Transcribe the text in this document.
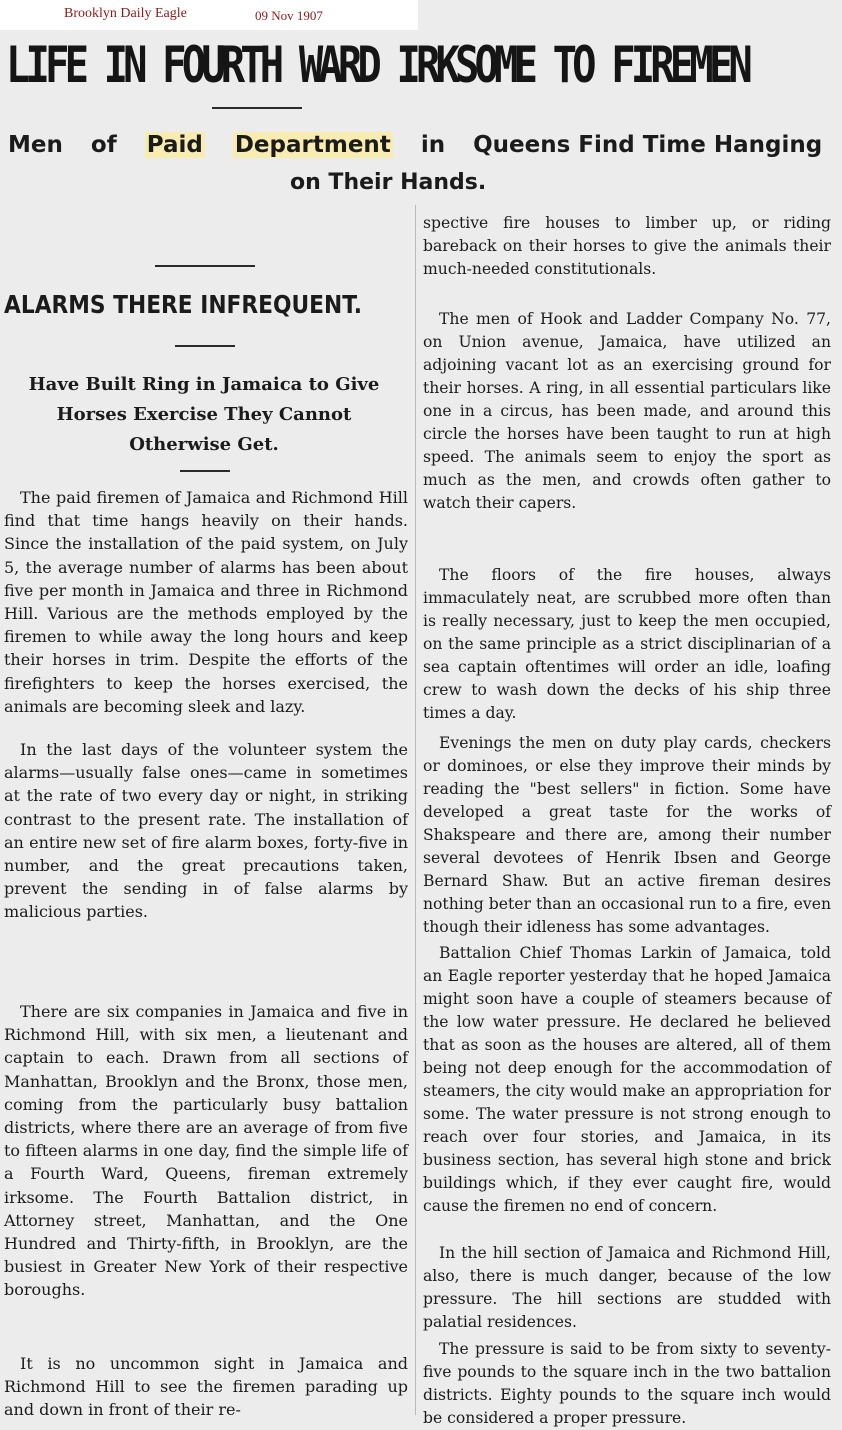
Brooklyn Daily Eagle	09 Nov 1907
LIFE IN FOURTH WARD IRKSOME TO FIREMEN
Men of Paid Department in Queens Find Time Hanging
on Their Hands.
ALARMS THERE INFREQUENT.
Have Built Ring in Jamaica to Give
Horses Exercise They Cannot
Otherwise Get.

The paid firemen of Jamaica and Richmond Hill find that time hangs heavily on their hands. Since the installation of the paid system, on July 5, the average number of alarms has been about five per month in Jamaica and three in Richmond Hill. Various are the methods employed by the firemen to while away the long hours and keep their horses in trim. Despite the efforts of the firefighters to keep the horses exercised, the animals are becoming sleek and lazy.

In the last days of the volunteer system the alarms—usually false ones—came in sometimes at the rate of two every day or night, in striking contrast to the present rate. The installation of an entire new set of fire alarm boxes, forty-five in number, and the great precautions taken, prevent the sending in of false alarms by malicious parties.

There are six companies in Jamaica and five in Richmond Hill, with six men, a lieutenant and captain to each. Drawn from all sections of Manhattan, Brooklyn and the Bronx, those men, coming from the particularly busy battalion districts, where there are an average of from five to fifteen alarms in one day, find the simple life of a Fourth Ward, Queens, fireman extremely irksome. The Fourth Battalion district, in Attorney street, Manhattan, and the One Hundred and Thirty-fifth, in Brooklyn, are the busiest in Greater New York of their respective boroughs.

It is no uncommon sight in Jamaica and Richmond Hill to see the firemen parading up and down in front of their re-

spective fire houses to limber up, or riding bareback on their horses to give the animals their much-needed constitutionals.

The men of Hook and Ladder Company No. 77, on Union avenue, Jamaica, have utilized an adjoining vacant lot as an exercising ground for their horses. A ring, in all essential particulars like one in a circus, has been made, and around this circle the horses have been taught to run at high speed. The animals seem to enjoy the sport as much as the men, and crowds often gather to watch their capers.

The floors of the fire houses, always immaculately neat, are scrubbed more often than is really necessary, just to keep the men occupied, on the same principle as a strict disciplinarian of a sea captain oftentimes will order an idle, loafing crew to wash down the decks of his ship three times a day.

Evenings the men on duty play cards, checkers or dominoes, or else they improve their minds by reading the "best sellers" in fiction. Some have developed a great taste for the works of Shakspeare and there are, among their number several devotees of Henrik Ibsen and George Bernard Shaw. But an active fireman desires nothing beter than an occasional run to a fire, even though their idleness has some advantages.

Battalion Chief Thomas Larkin of Jamaica, told an Eagle reporter yesterday that he hoped Jamaica might soon have a couple of steamers because of the low water pressure. He declared he believed that as soon as the houses are altered, all of them being not deep enough for the accommodation of steamers, the city would make an appropriation for some. The water pressure is not strong enough to reach over four stories, and Jamaica, in its business section, has several high stone and brick buildings which, if they ever caught fire, would cause the firemen no end of concern.

In the hill section of Jamaica and Richmond Hill, also, there is much danger, because of the low pressure. The hill sections are studded with palatial residences.

The pressure is said to be from sixty to seventy-five pounds to the square inch in the two battalion districts. Eighty pounds to the square inch would be considered a proper pressure.
